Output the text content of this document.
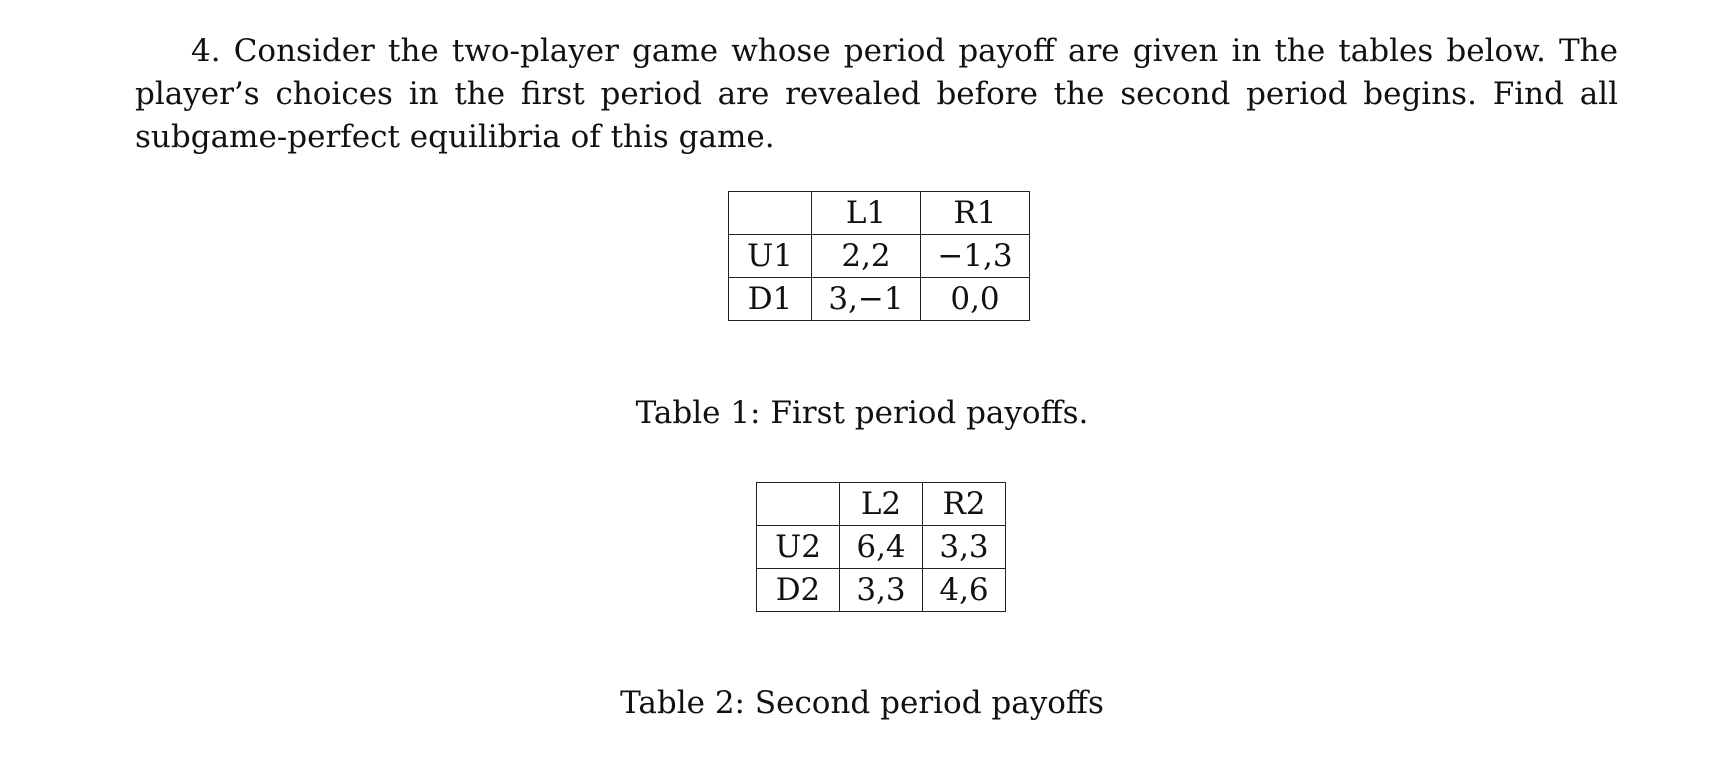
4. Consider the two-player game whose period payoff are given in the tables below. The player’s choices in the first period are revealed before the second period begins. Find all subgame-perfect equilibria of this game.

	L1	R1
U1	2,2	−1,3
D1	3,−1	0,0

Table 1: First period payoffs.

	L2	R2
U2	6,4	3,3
D2	3,3	4,6

Table 2: Second period payoffs
